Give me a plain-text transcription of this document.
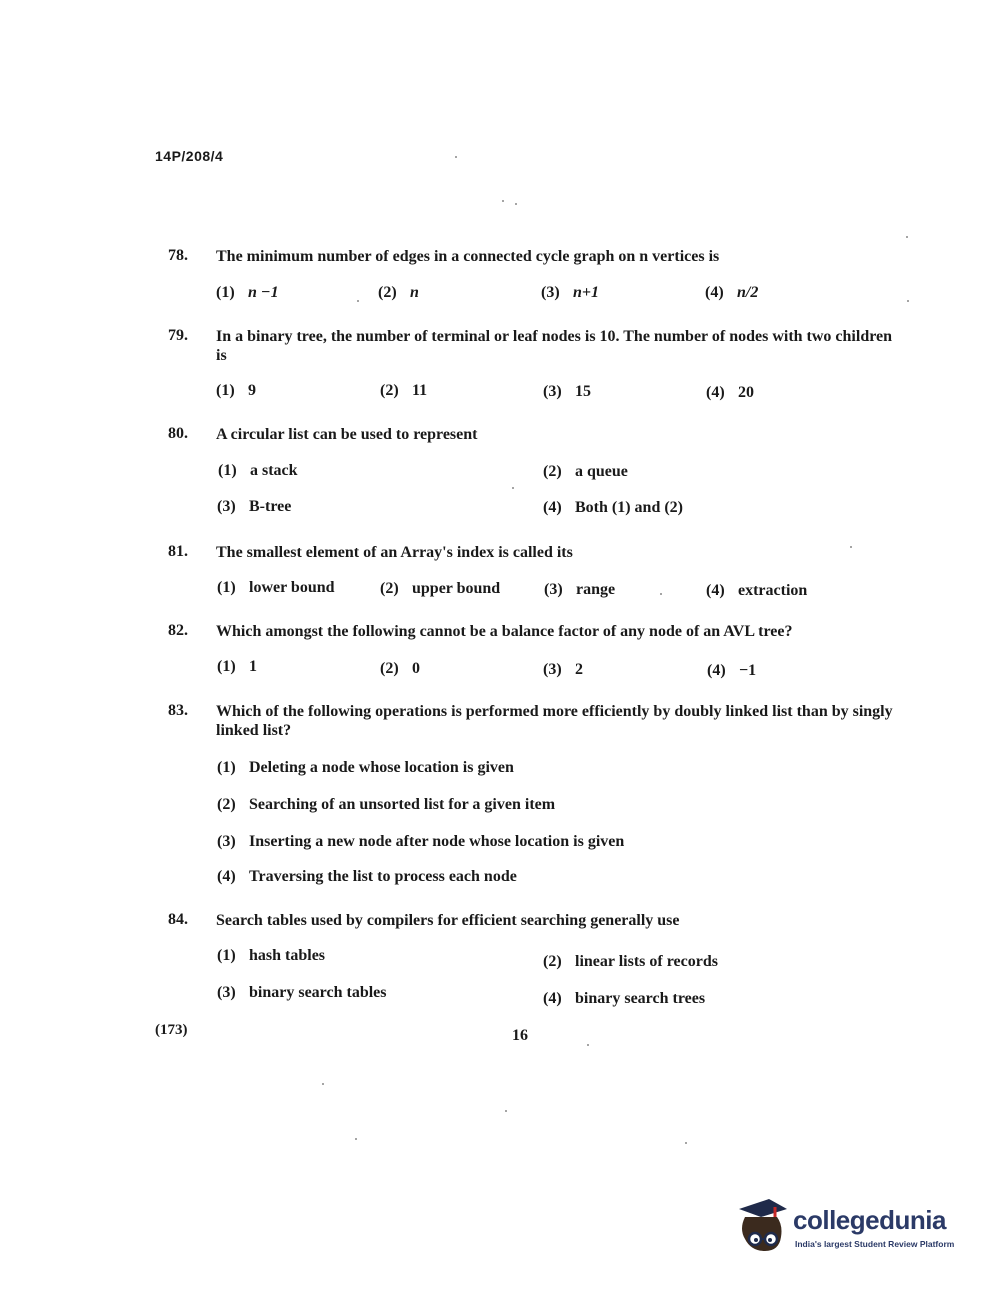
14P/208/4
78.	The minimum number of edges in a connected cycle graph on n vertices is
(1) n −1	(2) n	(3) n+1	(4) n/2
79.	In a binary tree, the number of terminal or leaf nodes is 10. The number of nodes with two children is
(1) 9	(2) 11	(3) 15	(4) 20
80.	A circular list can be used to represent
(1) a stack	(2) a queue
(3) B-tree	(4) Both (1) and (2)
81.	The smallest element of an Array's index is called its
(1) lower bound	(2) upper bound	(3) range	(4) extraction
82.	Which amongst the following cannot be a balance factor of any node of an AVL tree?
(1) 1	(2) 0	(3) 2	(4) −1
83.	Which of the following operations is performed more efficiently by doubly linked list than by singly linked list?
(1) Deleting a node whose location is given
(2) Searching of an unsorted list for a given item
(3) Inserting a new node after node whose location is given
(4) Traversing the list to process each node
84.	Search tables used by compilers for efficient searching generally use
(1) hash tables	(2) linear lists of records
(3) binary search tables	(4) binary search trees
(173)	16
collegedunia
India's largest Student Review Platform
